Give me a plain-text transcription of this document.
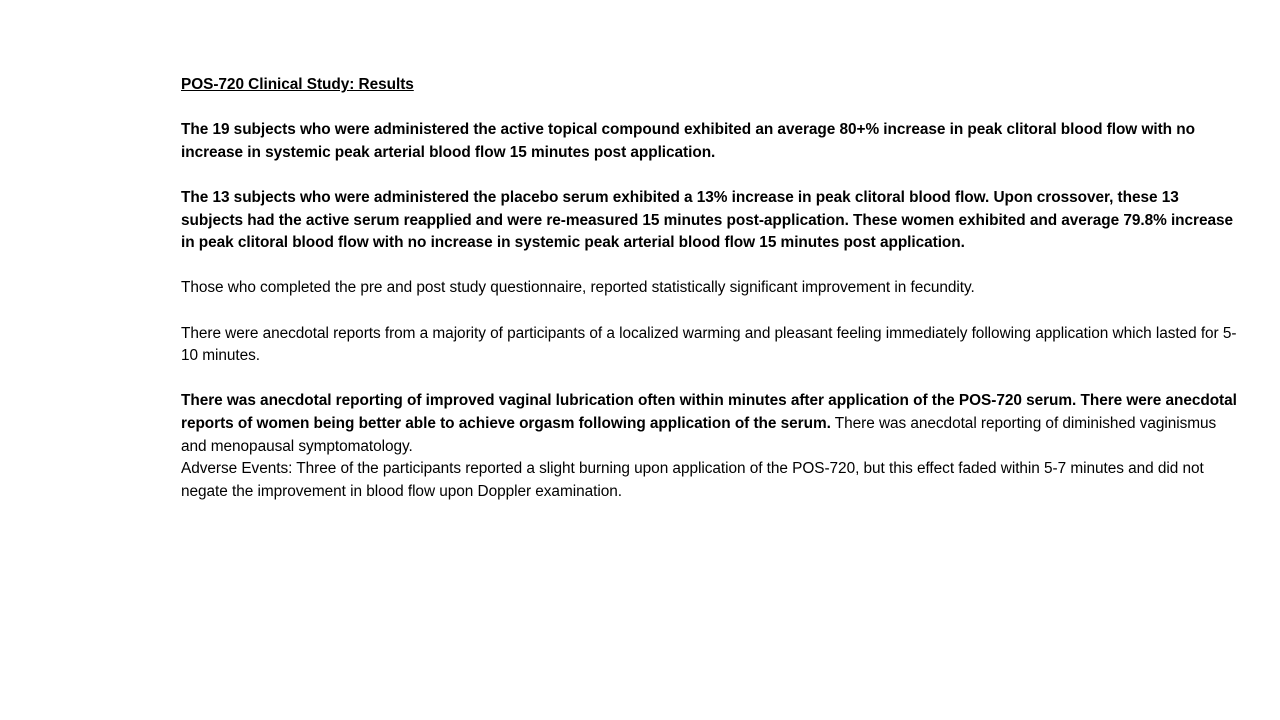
POS-720 Clinical Study: Results

The 19 subjects who were administered the active topical compound exhibited an average 80+% increase in peak clitoral blood flow with no increase in systemic peak arterial blood flow 15 minutes post application.

The 13 subjects who were administered the placebo serum exhibited a 13% increase in peak clitoral blood flow. Upon crossover, these 13 subjects had the active serum reapplied and were re-measured 15 minutes post-application. These women exhibited and average 79.8% increase in peak clitoral blood flow with no increase in systemic peak arterial blood flow 15 minutes post application.

Those who completed the pre and post study questionnaire, reported statistically significant improvement in fecundity.

There were anecdotal reports from a majority of participants of a localized warming and pleasant feeling immediately following application which lasted for 5-10 minutes.

There was anecdotal reporting of improved vaginal lubrication often within minutes after application of the POS-720 serum. There were anecdotal reports of women being better able to achieve orgasm following application of the serum. There was anecdotal reporting of diminished vaginismus and menopausal symptomatology.

Adverse Events: Three of the participants reported a slight burning upon application of the POS-720, but this effect faded within 5-7 minutes and did not negate the improvement in blood flow upon Doppler examination.
